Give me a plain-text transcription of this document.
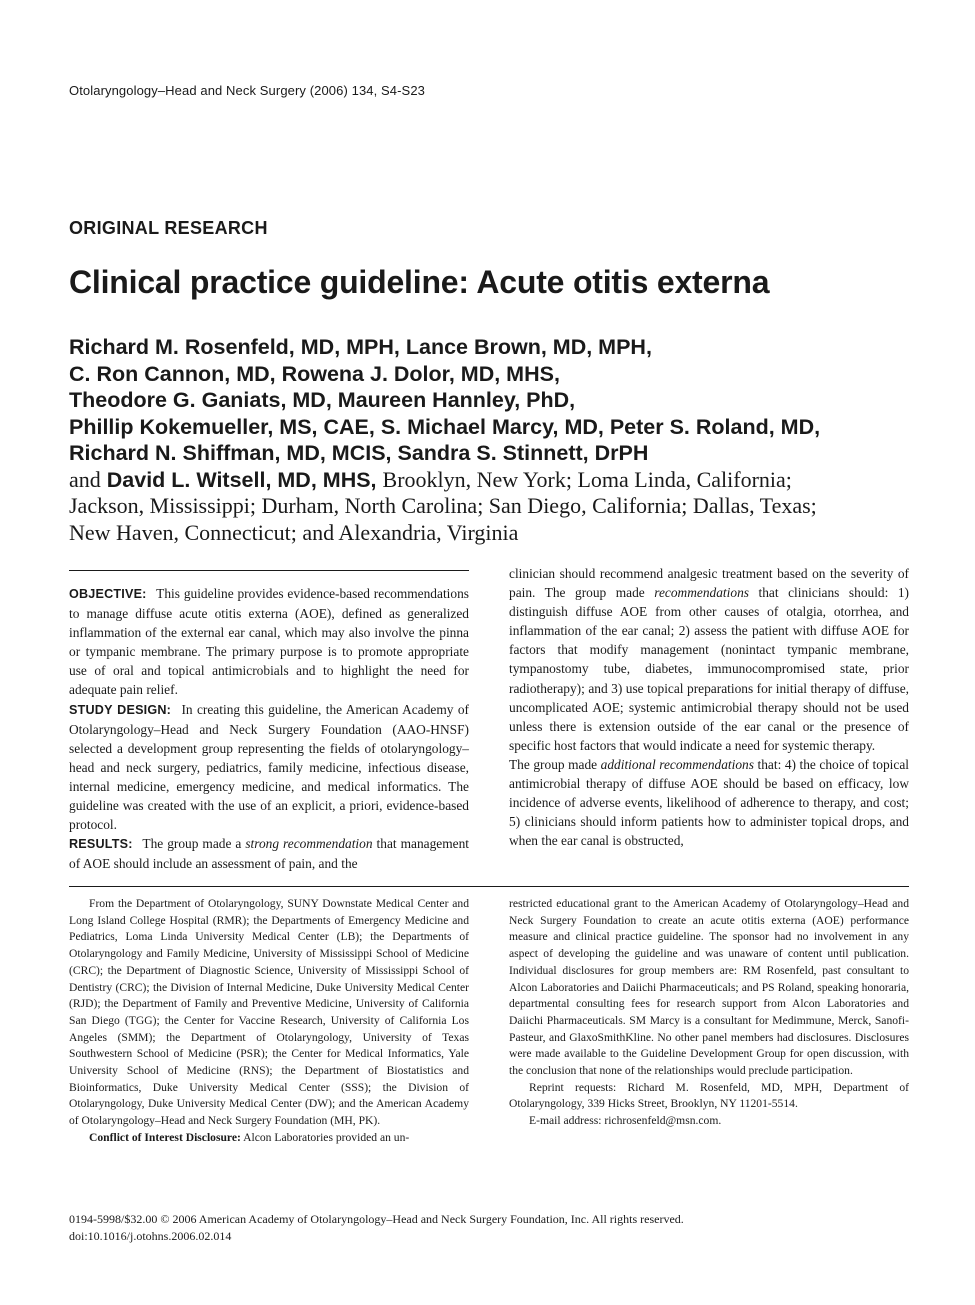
Otolaryngology–Head and Neck Surgery (2006) 134, S4-S23
ORIGINAL RESEARCH
Clinical practice guideline: Acute otitis externa
Richard M. Rosenfeld, MD, MPH, Lance Brown, MD, MPH,
C. Ron Cannon, MD, Rowena J. Dolor, MD, MHS,
Theodore G. Ganiats, MD, Maureen Hannley, PhD,
Phillip Kokemueller, MS, CAE, S. Michael Marcy, MD, Peter S. Roland, MD,
Richard N. Shiffman, MD, MCIS, Sandra S. Stinnett, DrPH
and David L. Witsell, MD, MHS, Brooklyn, New York; Loma Linda, California;
Jackson, Mississippi; Durham, North Carolina; San Diego, California; Dallas, Texas;
New Haven, Connecticut; and Alexandria, Virginia

OBJECTIVE: This guideline provides evidence-based recommendations to manage diffuse acute otitis externa (AOE), defined as generalized inflammation of the external ear canal, which may also involve the pinna or tympanic membrane. The primary purpose is to promote appropriate use of oral and topical antimicrobials and to highlight the need for adequate pain relief.

STUDY DESIGN: In creating this guideline, the American Academy of Otolaryngology–Head and Neck Surgery Foundation (AAO-HNSF) selected a development group representing the fields of otolaryngology–head and neck surgery, pediatrics, family medicine, infectious disease, internal medicine, emergency medicine, and medical informatics. The guideline was created with the use of an explicit, a priori, evidence-based protocol.

RESULTS: The group made a strong recommendation that management of AOE should include an assessment of pain, and the

clinician should recommend analgesic treatment based on the severity of pain. The group made recommendations that clinicians should: 1) distinguish diffuse AOE from other causes of otalgia, otorrhea, and inflammation of the ear canal; 2) assess the patient with diffuse AOE for factors that modify management (nonintact tympanic membrane, tympanostomy tube, diabetes, immunocompromised state, prior radiotherapy); and 3) use topical preparations for initial therapy of diffuse, uncomplicated AOE; systemic antimicrobial therapy should not be used unless there is extension outside of the ear canal or the presence of specific host factors that would indicate a need for systemic therapy.

The group made additional recommendations that: 4) the choice of topical antimicrobial therapy of diffuse AOE should be based on efficacy, low incidence of adverse events, likelihood of adherence to therapy, and cost; 5) clinicians should inform patients how to administer topical drops, and when the ear canal is obstructed,

From the Department of Otolaryngology, SUNY Downstate Medical Center and Long Island College Hospital (RMR); the Departments of Emergency Medicine and Pediatrics, Loma Linda University Medical Center (LB); the Departments of Otolaryngology and Family Medicine, University of Mississippi School of Medicine (CRC); the Department of Diagnostic Science, University of Mississippi School of Dentistry (CRC); the Division of Internal Medicine, Duke University Medical Center (RJD); the Department of Family and Preventive Medicine, University of California San Diego (TGG); the Center for Vaccine Research, University of California Los Angeles (SMM); the Department of Otolaryngology, University of Texas Southwestern School of Medicine (PSR); the Center for Medical Informatics, Yale University School of Medicine (RNS); the Department of Biostatistics and Bioinformatics, Duke University Medical Center (SSS); the Division of Otolaryngology, Duke University Medical Center (DW); and the American Academy of Otolaryngology–Head and Neck Surgery Foundation (MH, PK).

Conflict of Interest Disclosure: Alcon Laboratories provided an un-

restricted educational grant to the American Academy of Otolaryngology–Head and Neck Surgery Foundation to create an acute otitis externa (AOE) performance measure and clinical practice guideline. The sponsor had no involvement in any aspect of developing the guideline and was unaware of content until publication. Individual disclosures for group members are: RM Rosenfeld, past consultant to Alcon Laboratories and Daiichi Pharmaceuticals; and PS Roland, speaking honoraria, departmental consulting fees for research support from Alcon Laboratories and Daiichi Pharmaceuticals. SM Marcy is a consultant for Medimmune, Merck, Sanofi-Pasteur, and GlaxoSmithKline. No other panel members had disclosures. Disclosures were made available to the Guideline Development Group for open discussion, with the conclusion that none of the relationships would preclude participation.

Reprint requests: Richard M. Rosenfeld, MD, MPH, Department of Otolaryngology, 339 Hicks Street, Brooklyn, NY 11201-5514.

E-mail address: richrosenfeld@msn.com.

0194-5998/$32.00 © 2006 American Academy of Otolaryngology–Head and Neck Surgery Foundation, Inc. All rights reserved.
doi:10.1016/j.otohns.2006.02.014
